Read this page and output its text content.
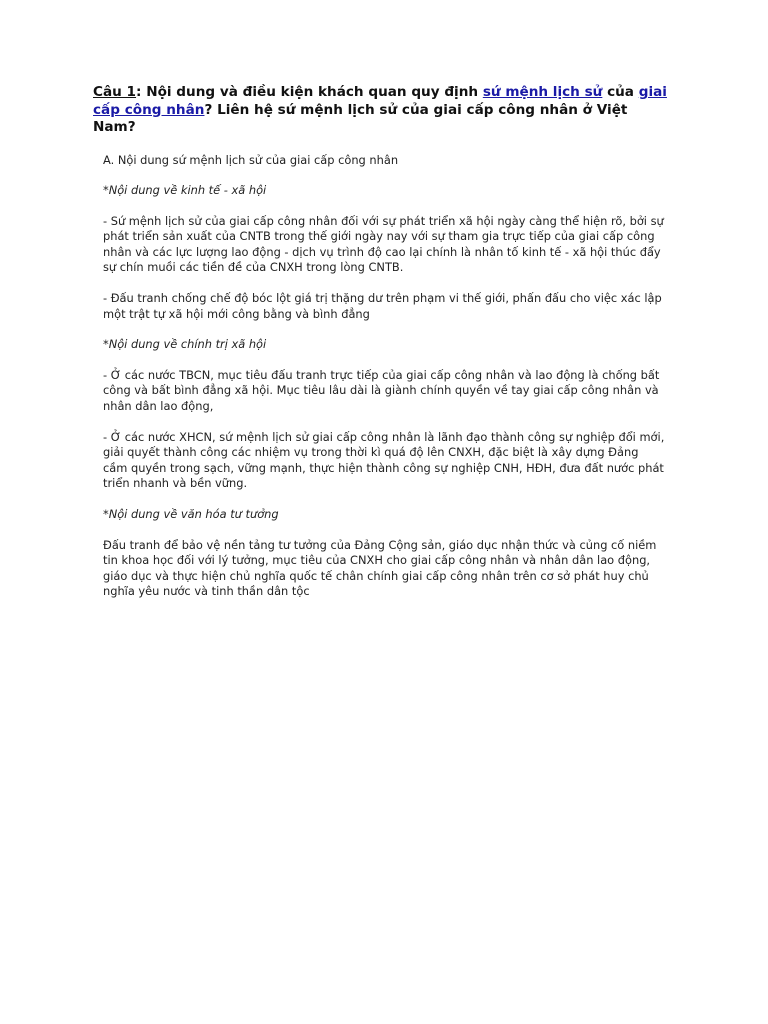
Câu 1: Nội dung và điều kiện khách quan quy định sứ mệnh lịch sử của giai cấp công nhân? Liên hệ sứ mệnh lịch sử của giai cấp công nhân ở Việt Nam?

A. Nội dung sứ mệnh lịch sử của giai cấp công nhân

*Nội dung về kinh tế - xã hội

- Sứ mệnh lịch sử của giai cấp công nhân đối với sự phát triển xã hội ngày càng thể hiện rõ, bởi sự phát triển sản xuất của CNTB trong thế giới ngày nay với sự tham gia trực tiếp của giai cấp công nhân và các lực lượng lao động - dịch vụ trình độ cao lại chính là nhân tố kinh tế - xã hội thúc đẩy sự chín muồi các tiền đề của CNXH trong lòng CNTB.

- Đấu tranh chống chế độ bóc lột giá trị thặng dư trên phạm vi thế giới, phấn đấu cho việc xác lập một trật tự xã hội mới công bằng và bình đẳng

*Nội dung về chính trị xã hội

- Ở các nước TBCN, mục tiêu đấu tranh trực tiếp của giai cấp công nhân và lao động là chống bất công và bất bình đẳng xã hội. Mục tiêu lâu dài là giành chính quyền về tay giai cấp công nhân và nhân dân lao động,

- Ở các nước XHCN, sứ mệnh lịch sử giai cấp công nhân là lãnh đạo thành công sự nghiệp đổi mới, giải quyết thành công các nhiệm vụ trong thời kì quá độ lên CNXH, đặc biệt là xây dựng Đảng cầm quyền trong sạch, vững mạnh, thực hiện thành công sự nghiệp CNH, HĐH, đưa đất nước phát triển nhanh và bền vững.

*Nội dung về văn hóa tư tưởng

Đấu tranh để bảo vệ nền tảng tư tưởng của Đảng Cộng sản, giáo dục nhận thức và củng cố niềm tin khoa học đối với lý tưởng, mục tiêu của CNXH cho giai cấp công nhân và nhân dân lao động, giáo dục và thực hiện chủ nghĩa quốc tế chân chính giai cấp công nhân trên cơ sở phát huy chủ nghĩa yêu nước và tinh thần dân tộc
